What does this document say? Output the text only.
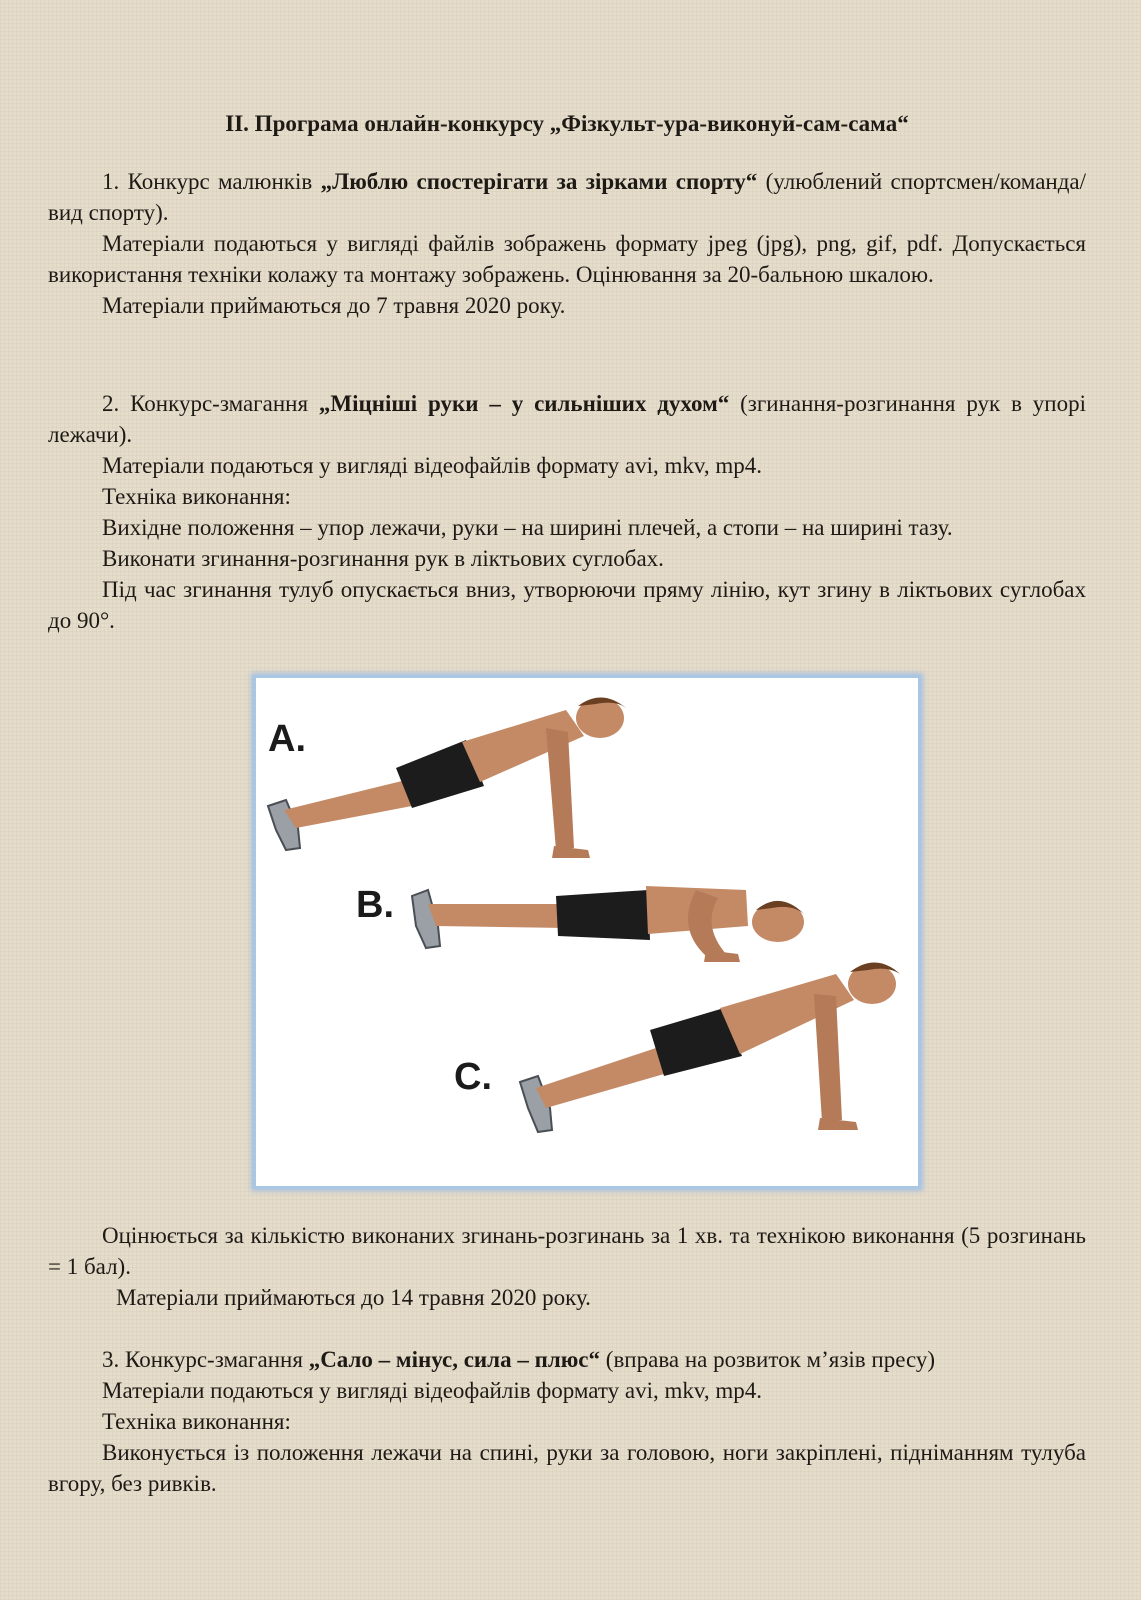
ІІ. Програма онлайн-конкурсу „Фізкульт-ура-виконуй-сам-сама“

1. Конкурс малюнків „Люблю спостерігати за зірками спорту“ (улюблений спортсмен/команда/вид спорту).

Матеріали подаються у вигляді файлів зображень формату jpeg (jpg), png, gif, pdf. Допускається використання техніки колажу та монтажу зображень. Оцінювання за 20-бальною шкалою.

Матеріали приймаються до 7 травня 2020 року.

2. Конкурс-змагання „Міцніші руки – у сильніших духом“ (згинання-розгинання рук в упорі лежачи).

Матеріали подаються у вигляді відеофайлів формату avi, mkv, mp4.

Техніка виконання:

Вихідне положення – упор лежачи, руки – на ширині плечей, а стопи – на ширині тазу.

Виконати згинання-розгинання рук в ліктьових суглобах.

Під час згинання тулуб опускається вниз, утворюючи пряму лінію, кут згину в ліктьових суглобах до 90°.

A.
B.
C.

Оцінюється за кількістю виконаних згинань-розгинань за 1 хв. та технікою виконання (5 розгинань = 1 бал).

Матеріали приймаються до 14 травня 2020 року.

3. Конкурс-змагання „Сало – мінус, сила – плюс“ (вправа на розвиток м’язів пресу)

Матеріали подаються у вигляді відеофайлів формату avi, mkv, mp4.

Техніка виконання:

Виконується із положення лежачи на спині, руки за головою, ноги закріплені, підніманням тулуба вгору, без ривків.
